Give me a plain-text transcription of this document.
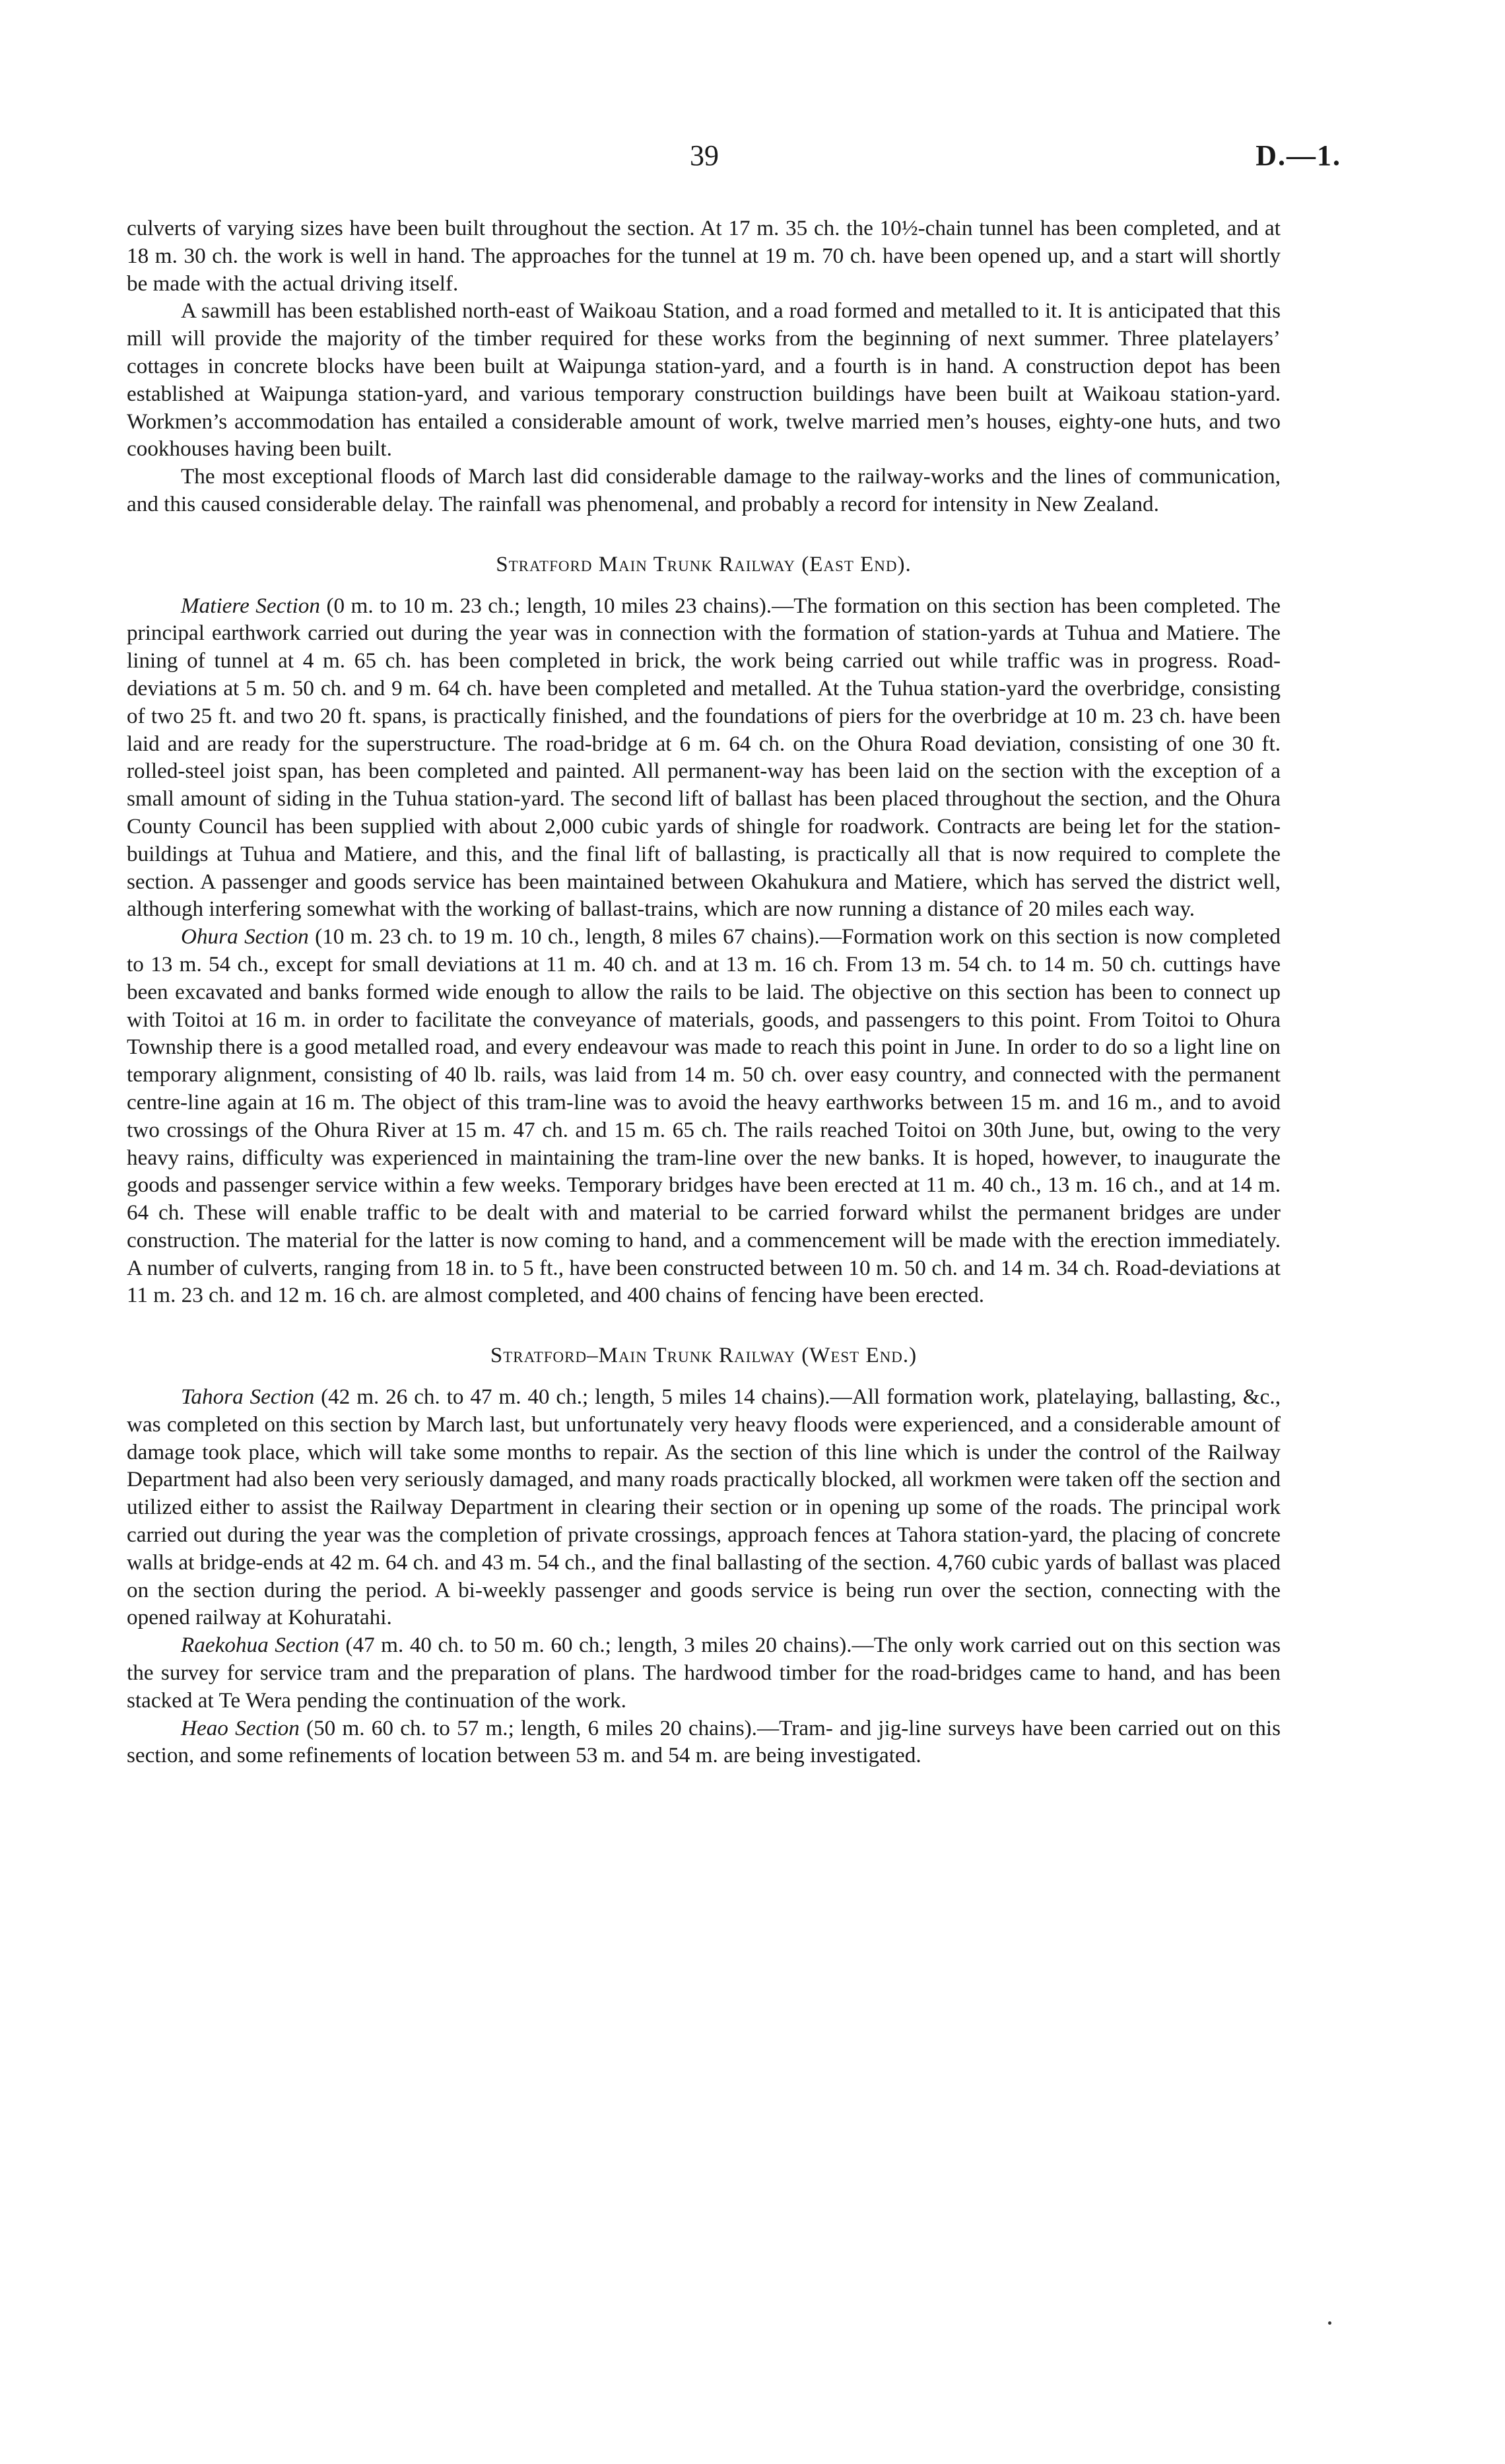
39	D.—1.

culverts of varying sizes have been built throughout the section. At 17 m. 35 ch. the 10½-chain tunnel has been completed, and at 18 m. 30 ch. the work is well in hand. The approaches for the tunnel at 19 m. 70 ch. have been opened up, and a start will shortly be made with the actual driving itself.

A sawmill has been established north-east of Waikoau Station, and a road formed and metalled to it. It is anticipated that this mill will provide the majority of the timber required for these works from the beginning of next summer. Three platelayers’ cottages in concrete blocks have been built at Waipunga station-yard, and a fourth is in hand. A construction depot has been established at Waipunga station-yard, and various temporary construction buildings have been built at Waikoau station-yard. Workmen’s accommodation has entailed a considerable amount of work, twelve married men’s houses, eighty-one huts, and two cookhouses having been built.

The most exceptional floods of March last did considerable damage to the railway-works and the lines of communication, and this caused considerable delay. The rainfall was phenomenal, and probably a record for intensity in New Zealand.

Stratford Main Trunk Railway (East End).

Matiere Section (0 m. to 10 m. 23 ch.; length, 10 miles 23 chains).—The formation on this section has been completed. The principal earthwork carried out during the year was in connection with the formation of station-yards at Tuhua and Matiere. The lining of tunnel at 4 m. 65 ch. has been completed in brick, the work being carried out while traffic was in progress. Road-deviations at 5 m. 50 ch. and 9 m. 64 ch. have been completed and metalled. At the Tuhua station-yard the overbridge, consisting of two 25 ft. and two 20 ft. spans, is practically finished, and the foundations of piers for the overbridge at 10 m. 23 ch. have been laid and are ready for the superstructure. The road-bridge at 6 m. 64 ch. on the Ohura Road deviation, consisting of one 30 ft. rolled-steel joist span, has been completed and painted. All permanent-way has been laid on the section with the exception of a small amount of siding in the Tuhua station-yard. The second lift of ballast has been placed throughout the section, and the Ohura County Council has been supplied with about 2,000 cubic yards of shingle for roadwork. Contracts are being let for the station-buildings at Tuhua and Matiere, and this, and the final lift of ballasting, is practically all that is now required to complete the section. A passenger and goods service has been maintained between Okahukura and Matiere, which has served the district well, although interfering somewhat with the working of ballast-trains, which are now running a distance of 20 miles each way.

Ohura Section (10 m. 23 ch. to 19 m. 10 ch., length, 8 miles 67 chains).—Formation work on this section is now completed to 13 m. 54 ch., except for small deviations at 11 m. 40 ch. and at 13 m. 16 ch. From 13 m. 54 ch. to 14 m. 50 ch. cuttings have been excavated and banks formed wide enough to allow the rails to be laid. The objective on this section has been to connect up with Toitoi at 16 m. in order to facilitate the conveyance of materials, goods, and passengers to this point. From Toitoi to Ohura Township there is a good metalled road, and every endeavour was made to reach this point in June. In order to do so a light line on temporary alignment, consisting of 40 lb. rails, was laid from 14 m. 50 ch. over easy country, and connected with the permanent centre-line again at 16 m. The object of this tram-line was to avoid the heavy earthworks between 15 m. and 16 m., and to avoid two crossings of the Ohura River at 15 m. 47 ch. and 15 m. 65 ch. The rails reached Toitoi on 30th June, but, owing to the very heavy rains, difficulty was experienced in maintaining the tram-line over the new banks. It is hoped, however, to inaugurate the goods and passenger service within a few weeks. Temporary bridges have been erected at 11 m. 40 ch., 13 m. 16 ch., and at 14 m. 64 ch. These will enable traffic to be dealt with and material to be carried forward whilst the permanent bridges are under construction. The material for the latter is now coming to hand, and a commencement will be made with the erection immediately. A number of culverts, ranging from 18 in. to 5 ft., have been constructed between 10 m. 50 ch. and 14 m. 34 ch. Road-deviations at 11 m. 23 ch. and 12 m. 16 ch. are almost completed, and 400 chains of fencing have been erected.

Stratford–Main Trunk Railway (West End.)

Tahora Section (42 m. 26 ch. to 47 m. 40 ch.; length, 5 miles 14 chains).—All formation work, platelaying, ballasting, &c., was completed on this section by March last, but unfortunately very heavy floods were experienced, and a considerable amount of damage took place, which will take some months to repair. As the section of this line which is under the control of the Railway Department had also been very seriously damaged, and many roads practically blocked, all workmen were taken off the section and utilized either to assist the Railway Department in clearing their section or in opening up some of the roads. The principal work carried out during the year was the completion of private crossings, approach fences at Tahora station-yard, the placing of concrete walls at bridge-ends at 42 m. 64 ch. and 43 m. 54 ch., and the final ballasting of the section. 4,760 cubic yards of ballast was placed on the section during the period. A bi-weekly passenger and goods service is being run over the section, connecting with the opened railway at Kohuratahi.

Raekohua Section (47 m. 40 ch. to 50 m. 60 ch.; length, 3 miles 20 chains).—The only work carried out on this section was the survey for service tram and the preparation of plans. The hardwood timber for the road-bridges came to hand, and has been stacked at Te Wera pending the continuation of the work.

Heao Section (50 m. 60 ch. to 57 m.; length, 6 miles 20 chains).—Tram- and jig-line surveys have been carried out on this section, and some refinements of location between 53 m. and 54 m. are being investigated.
